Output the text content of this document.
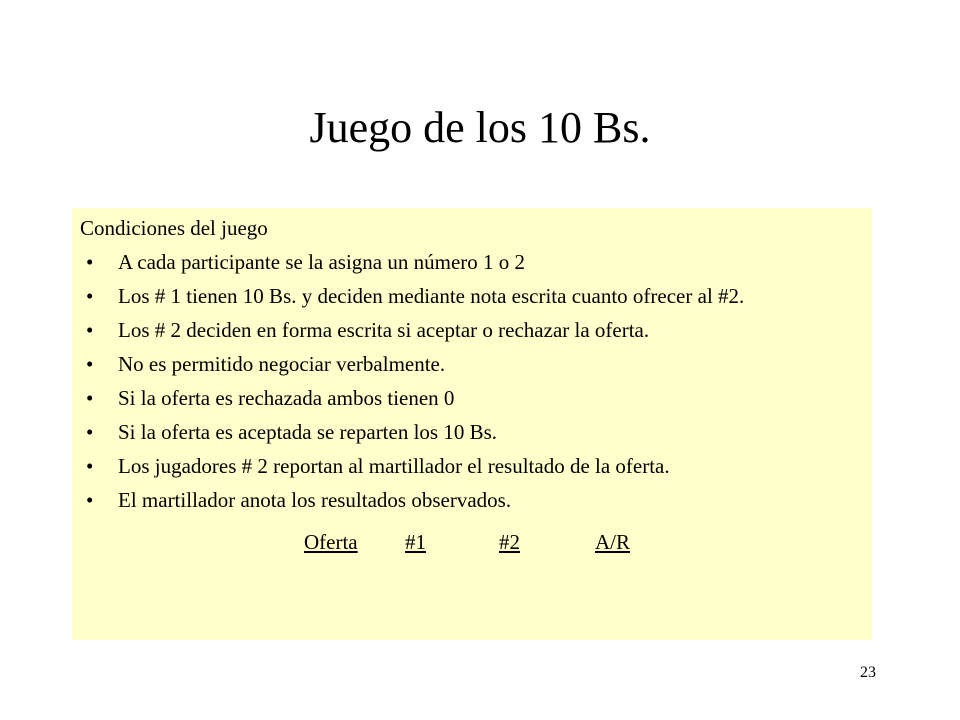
Juego de los 10 Bs.

Condiciones del juego

• A cada participante se la asigna un número 1 o 2
• Los # 1 tienen 10 Bs. y deciden mediante nota escrita cuanto ofrecer al #2.
• Los # 2 deciden en forma escrita si aceptar o rechazar la oferta.
• No es permitido negociar verbalmente.
• Si la oferta es rechazada ambos tienen 0
• Si la oferta es aceptada se reparten los 10 Bs.
• Los jugadores # 2 reportan al martillador el resultado de la oferta.
• El martillador anota los resultados observados.
Oferta #1	#2	A/R
23
